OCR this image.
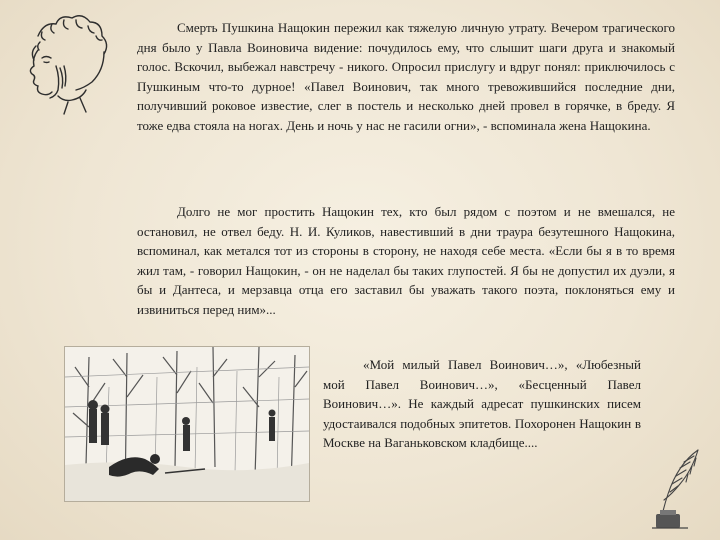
Смерть Пушкина Нащокин пережил как тяжелую личную утрату. Вечером трагического дня было у Павла Воиновича видение: почудилось ему, что слышит шаги друга и знакомый голос. Вскочил, выбежал навстречу - никого. Опросил прислугу и вдруг понял: приключилось с Пушкиным что-то дурное! «Павел Воинович, так много тревожившийся последние дни, получивший роковое известие, слег в постель и несколько дней провел в горячке, в бреду. Я тоже едва стояла на ногах. День и ночь у нас не гасили огни», - вспоминала жена Нащокина.

Долго не мог простить Нащокин тех, кто был рядом с поэтом и не вмешался, не остановил, не отвел беду. Н. И. Куликов, навестивший в дни траура безутешного Нащокина, вспоминал, как метался тот из стороны в сторону, не находя себе места. «Если бы я в то время жил там, - говорил Нащокин, - он не наделал бы таких глупостей. Я бы не допустил их дуэли, я бы и Дантеса, и мерзавца отца его заставил бы уважать такого поэта, поклоняться ему и извиниться перед ним»...

«Мой милый Павел Воинович…», «Любезный мой Павел Воинович…», «Бесценный Павел Воинович…». Не каждый адресат пушкинских писем удостаивался подобных эпитетов. Похоронен Нащокин в Москве на Ваганьковском кладбище....
